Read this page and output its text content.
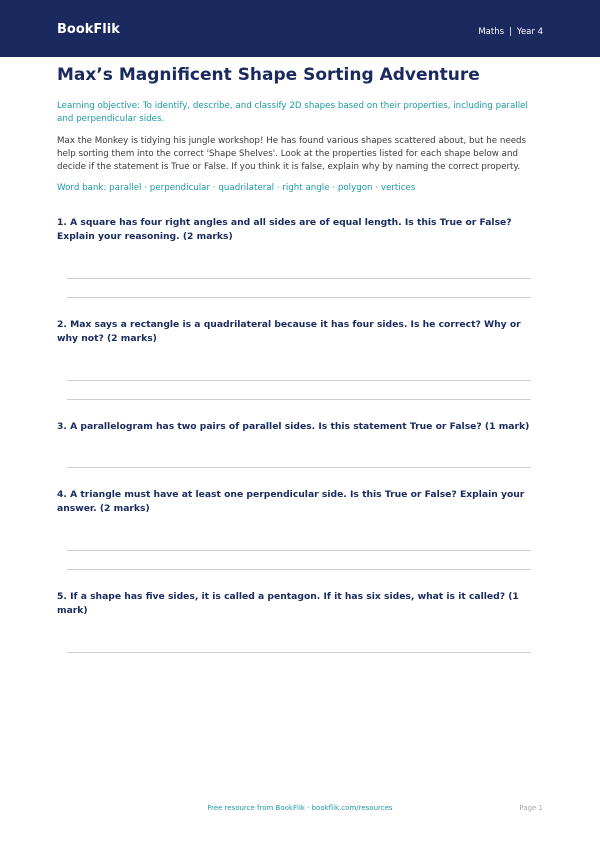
BookFlik	Maths | Year 4
Max’s Magnificent Shape Sorting Adventure

Learning objective: To identify, describe, and classify 2D shapes based on their properties, including parallel and perpendicular sides.

Max the Monkey is tidying his jungle workshop! He has found various shapes scattered about, but he needs help sorting them into the correct 'Shape Shelves'. Look at the properties listed for each shape below and decide if the statement is True or False. If you think it is false, explain why by naming the correct property.

Word bank: parallel · perpendicular · quadrilateral · right angle · polygon · vertices

1. A square has four right angles and all sides are of equal length. Is this True or False? Explain your reasoning. (2 marks)

2. Max says a rectangle is a quadrilateral because it has four sides. Is he correct? Why or why not? (2 marks)

3. A parallelogram has two pairs of parallel sides. Is this statement True or False? (1 mark)

4. A triangle must have at least one perpendicular side. Is this True or False? Explain your answer. (2 marks)

5. If a shape has five sides, it is called a pentagon. If it has six sides, what is it called? (1 mark)

Free resource from BookFlik · bookflik.com/resources	Page 1
